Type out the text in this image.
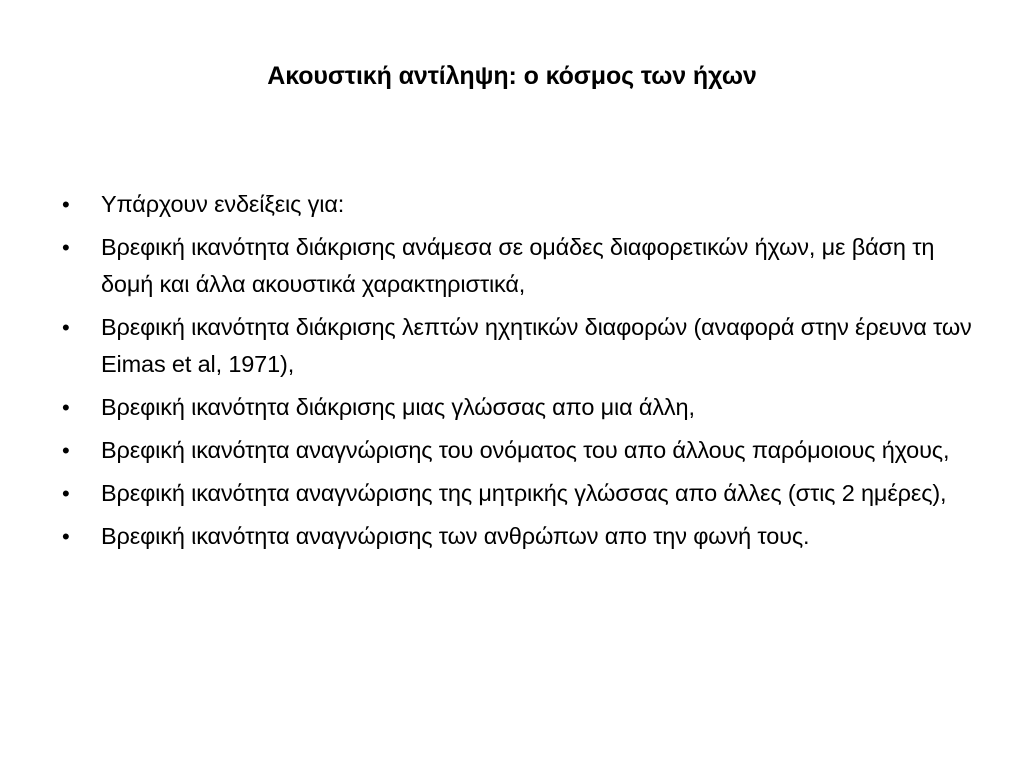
Ακουστική αντίληψη: ο κόσμος των ήχων
•	Υπάρχουν ενδείξεις για:
•	Βρεφική ικανότητα διάκρισης ανάμεσα σε ομάδες διαφορετικών ήχων, με βάση τη δομή και άλλα ακουστικά χαρακτηριστικά,
•	Βρεφική ικανότητα διάκρισης λεπτών ηχητικών διαφορών (αναφορά στην έρευνα των Eimas et al, 1971),
•	Βρεφική ικανότητα διάκρισης μιας γλώσσας απο μια άλλη,
•	Βρεφική ικανότητα αναγνώρισης του ονόματος του απο άλλους παρόμοιους ήχους,
•	Βρεφική ικανότητα αναγνώρισης της μητρικής γλώσσας απο άλλες (στις 2 ημέρες),
•	Βρεφική ικανότητα αναγνώρισης των ανθρώπων απο την φωνή τους.
